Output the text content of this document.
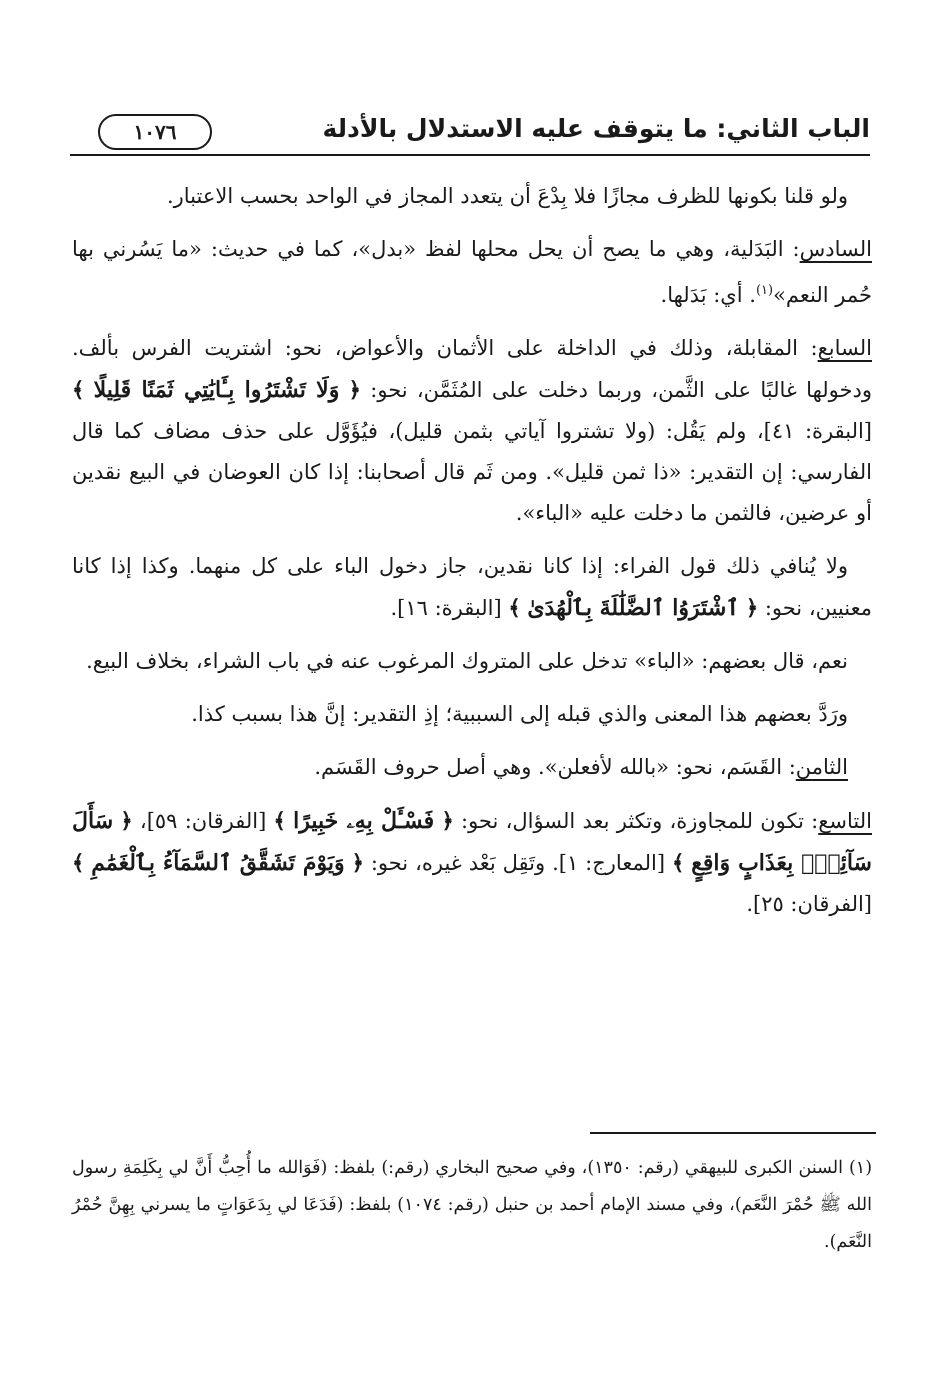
الباب الثاني: ما يتوقف عليه الاستدلال بالأدلة
١٠٧٦

ولو قلنا بكونها للظرف مجازًا فلا بِدْعَ أن يتعدد المجاز في الواحد بحسب الاعتبار.

السادس: البَدَلية، وهي ما يصح أن يحل محلها لفظ «بدل»، كما في حديث: «ما يَسُرني بها حُمر النعم»$^{(١)}$. أي: بَدَلها.

السابع: المقابلة، وذلك في الداخلة على الأثمان والأعواض، نحو: اشتريت الفرس بألف. ودخولها غالبًا على الثَّمن، وربما دخلت على المُثَمَّن، نحو: ﴿ وَلَا تَشْتَرُوا بِـَٔايَٰتِي ثَمَنًا قَلِيلًا ﴾ [البقرة: ٤١]، ولم يَقُل: (ولا تشتروا آياتي بثمن قليل)، فيُؤَوَّل على حذف مضاف كما قال الفارسي: إن التقدير: «ذا ثمن قليل». ومن ثَم قال أصحابنا: إذا كان العوضان في البيع نقدين أو عرضين، فالثمن ما دخلت عليه «الباء».

ولا يُنافي ذلك قول الفراء: إذا كانا نقدين، جاز دخول الباء على كل منهما. وكذا إذا كانا معنيين، نحو: ﴿ ٱشْتَرَوُا ٱلضَّلَٰلَةَ بِٱلْهُدَىٰ ﴾ [البقرة: ١٦].

نعم، قال بعضهم: «الباء» تدخل على المتروك المرغوب عنه في باب الشراء، بخلاف البيع.

ورَدَّ بعضهم هذا المعنى والذي قبله إلى السببية؛ إذِ التقدير: إنَّ هذا بسبب كذا.

الثامن: القَسَم، نحو: «بالله لأفعلن». وهي أصل حروف القَسَم.

التاسع: تكون للمجاوزة، وتكثر بعد السؤال، نحو: ﴿ فَسْـَٔلْ بِهِۦ خَبِيرًا ﴾ [الفرقان: ٥٩]، ﴿ سَأَلَ سَآئِلٌۢ بِعَذَابٍ وَاقِعٍ ﴾ [المعارج: ١]. وتَقِل بَعْد غيره، نحو: ﴿ وَيَوْمَ تَشَقَّقُ ٱلسَّمَآءُ بِٱلْغَمَٰمِ ﴾ [الفرقان: ٢٥].

(١) السنن الكبرى للبيهقي (رقم: ١٣٥٠)، وفي صحيح البخاري (رقم:) بلفظ: (فَوَالله ما أُحِبُّ أَنَّ لي بِكَلِمَةِ رسول الله ﷺ حُمْرَ النَّعَم)، وفي مسند الإمام أحمد بن حنبل (رقم: ١٠٧٤) بلفظ: (فَدَعَا لي بِدَعَوَاتٍ ما يسرني بِهِنَّ حُمْرُ النَّعَم).
